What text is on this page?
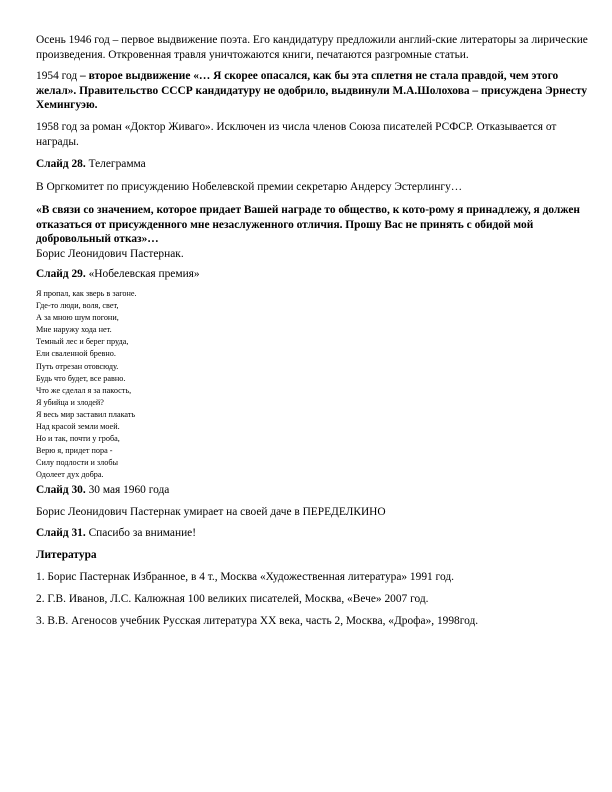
Осень 1946 год – первое выдвижение поэта. Его кандидатуру предложили англий-ские литераторы за лирические произведения. Откровенная травля уничтожаются книги, печатаются разгромные статьи.

1954 год – второе выдвижение «… Я скорее опасался, как бы эта сплетня не стала правдой, чем этого желал». Правительство СССР кандидатуру не одобрило, выдвинули М.А.Шолохова – присуждена Эрнесту Хемингуэю.

1958 год за роман «Доктор Живаго». Исключен из числа членов Союза писателей РСФСР. Отказывается от награды.

Слайд 28. Телеграмма

В Оргкомитет по присуждению Нобелевской премии секретарю Андерсу Эстерлингу…

«В связи со значением, которое придает Вашей награде то общество, к кото-рому я принадлежу, я должен отказаться от присужденного мне незаслуженного отличия. Прошу Вас не принять с обидой мой добровольный отказ»…

Борис Леонидович Пастернак.

Слайд 29. «Нобелевская премия»

Я пропал, как зверь в загоне.
Где-то люди, воля, свет,
А за мною шум погони,
Мне наружу хода нет.
Темный лес и берег пруда,
Ели сваленной бревно.
Путь отрезан отовсюду.
Будь что будет, все равно.
Что же сделал я за пакость,
Я убийца и злодей?
Я весь мир заставил плакать
Над красой земли моей.
Но и так, почти у гроба,
Верю я, придет пора -
Силу подлости и злобы
Одолеет дух добра.

Слайд 30. 30 мая 1960 года

Борис Леонидович Пастернак умирает на своей даче в ПЕРЕДЕЛКИНО

Слайд 31. Спасибо за внимание!

Литература

1. Борис Пастернак Избранное, в 4 т., Москва «Художественная литература» 1991 год.

2. Г.В. Иванов, Л.С. Калюжная 100 великих писателей, Москва, «Вече» 2007 год.

3. В.В. Агеносов учебник Русская литература XX века, часть 2, Москва, «Дрофа», 1998год.
